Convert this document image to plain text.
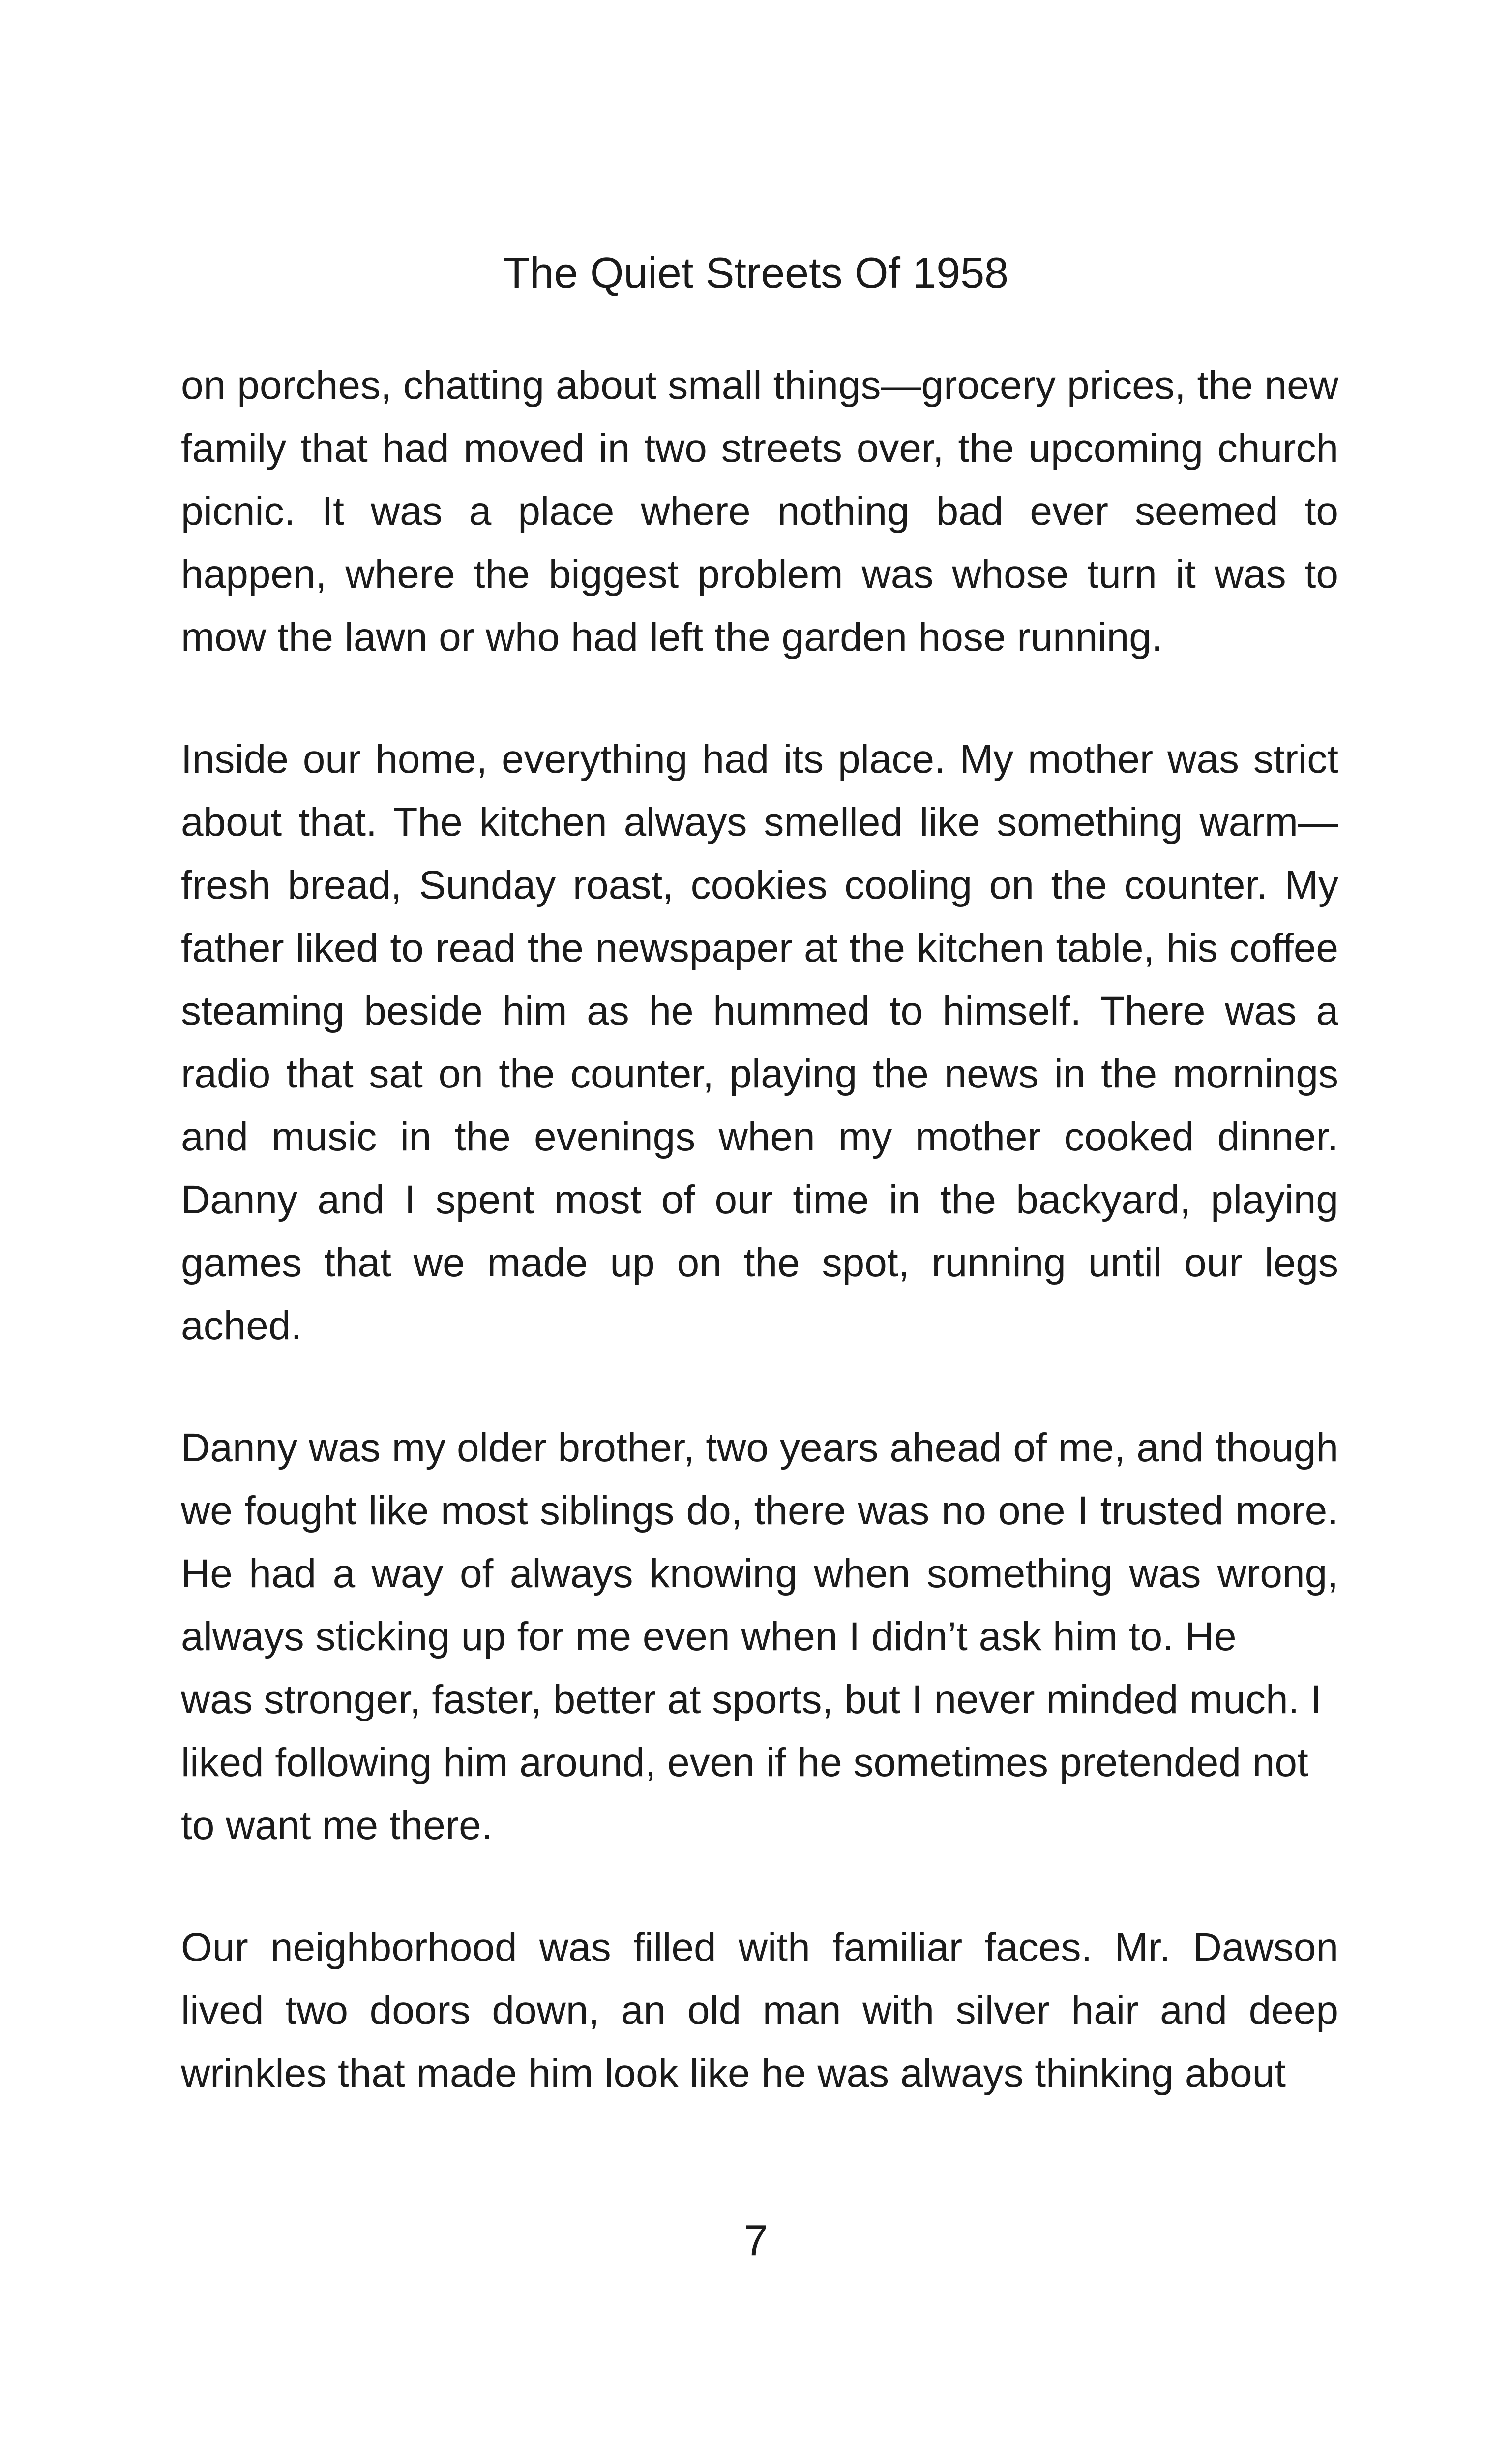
The Quiet Streets Of 1958

on porches, chatting about small things—grocery prices, the new family that had moved in two streets over, the upcoming church picnic. It was a place where nothing bad ever seemed to happen, where the biggest problem was whose turn it was to mow the lawn or who had left the garden hose running.

Inside our home, everything had its place. My mother was strict about that. The kitchen always smelled like something warm— fresh bread, Sunday roast, cookies cooling on the counter. My father liked to read the newspaper at the kitchen table, his coffee steaming beside him as he hummed to himself. There was a radio that sat on the counter, playing the news in the mornings and music in the evenings when my mother cooked dinner. Danny and I spent most of our time in the backyard, playing games that we made up on the spot, running until our legs ached.

Danny was my older brother, two years ahead of me, and though we fought like most siblings do, there was no one I trusted more. He had a way of always knowing when something was wrong, always sticking up for me even when I didn’t ask him to. He

was stronger, faster, better at sports, but I never minded much. I liked following him around, even if he sometimes pretended not to want me there.

Our neighborhood was filled with familiar faces. Mr. Dawson lived two doors down, an old man with silver hair and deep wrinkles that made him look like he was always thinking about

7
